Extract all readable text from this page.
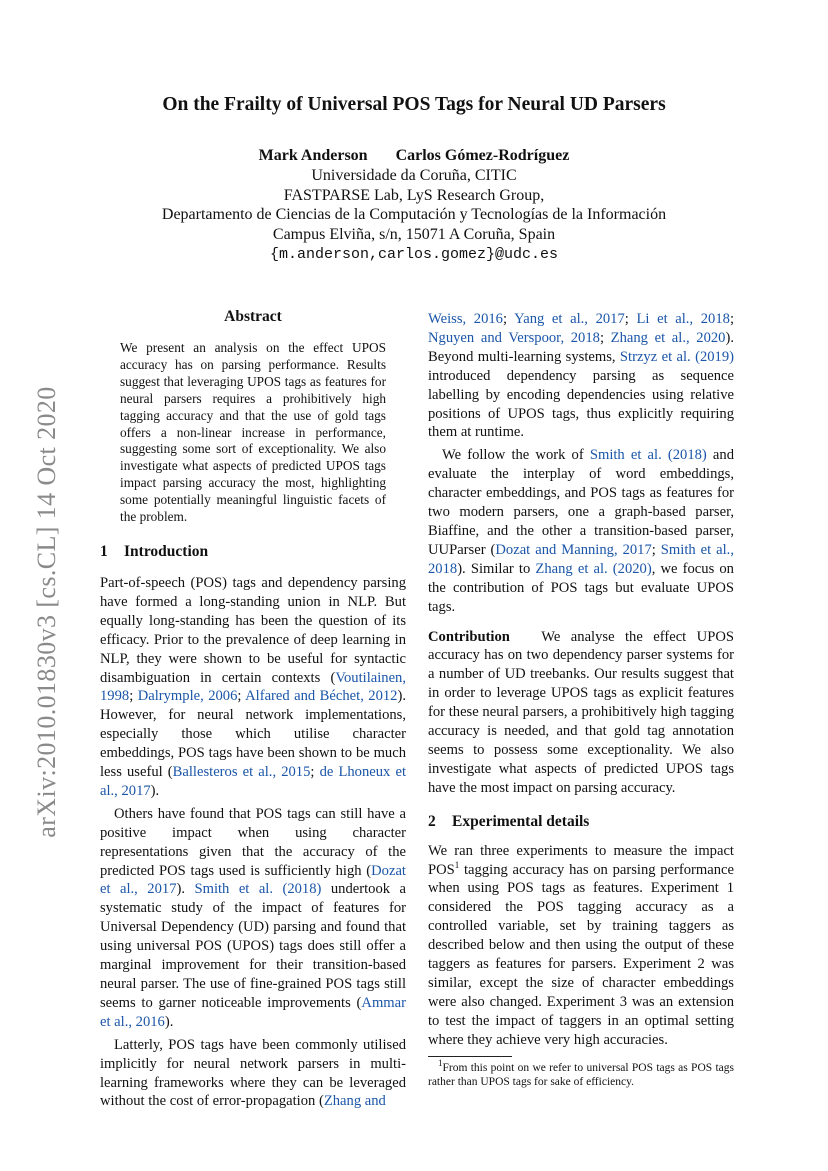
arXiv:2010.01830v3 [cs.CL] 14 Oct 2020
On the Frailty of Universal POS Tags for Neural UD Parsers
Mark Anderson Carlos Gómez-Rodríguez
Universidade da Coruña, CITIC
FASTPARSE Lab, LyS Research Group,
Departamento de Ciencias de la Computación y Tecnologías de la Información
Campus Elviña, s/n, 15071 A Coruña, Spain
{m.anderson,carlos.gomez}@udc.es
Abstract
We present an analysis on the effect UPOS accuracy has on parsing performance. Results suggest that leveraging UPOS tags as features for neural parsers requires a prohibitively high tagging accuracy and that the use of gold tags offers a non-linear increase in performance, suggesting some sort of exceptionality. We also investigate what aspects of predicted UPOS tags impact parsing accuracy the most, highlighting some potentially meaningful linguistic facets of the problem.
1 Introduction

Part-of-speech (POS) tags and dependency parsing have formed a long-standing union in NLP. But equally long-standing has been the question of its efficacy. Prior to the prevalence of deep learning in NLP, they were shown to be useful for syntactic disambiguation in certain contexts (Voutilainen, 1998; Dalrymple, 2006; Alfared and Béchet, 2012). However, for neural network implementations, especially those which utilise character embeddings, POS tags have been shown to be much less useful (Ballesteros et al., 2015; de Lhoneux et al., 2017).

Others have found that POS tags can still have a positive impact when using character representations given that the accuracy of the predicted POS tags used is sufficiently high (Dozat et al., 2017). Smith et al. (2018) undertook a systematic study of the impact of features for Universal Dependency (UD) parsing and found that using universal POS (UPOS) tags does still offer a marginal improvement for their transition-based neural parser. The use of fine-grained POS tags still seems to garner noticeable improvements (Ammar et al., 2016).

Latterly, POS tags have been commonly utilised implicitly for neural network parsers in multi-learning frameworks where they can be leveraged without the cost of error-propagation (Zhang and

Weiss, 2016; Yang et al., 2017; Li et al., 2018; Nguyen and Verspoor, 2018; Zhang et al., 2020). Beyond multi-learning systems, Strzyz et al. (2019) introduced dependency parsing as sequence labelling by encoding dependencies using relative positions of UPOS tags, thus explicitly requiring them at runtime.

We follow the work of Smith et al. (2018) and evaluate the interplay of word embeddings, character embeddings, and POS tags as features for two modern parsers, one a graph-based parser, Biaffine, and the other a transition-based parser, UUParser (Dozat and Manning, 2017; Smith et al., 2018). Similar to Zhang et al. (2020), we focus on the contribution of POS tags but evaluate UPOS tags.

Contribution We analyse the effect UPOS accuracy has on two dependency parser systems for a number of UD treebanks. Our results suggest that in order to leverage UPOS tags as explicit features for these neural parsers, a prohibitively high tagging accuracy is needed, and that gold tag annotation seems to possess some exceptionality. We also investigate what aspects of predicted UPOS tags have the most impact on parsing accuracy.

2 Experimental details

We ran three experiments to measure the impact POS$^1$ tagging accuracy has on parsing performance when using POS tags as features. Experiment 1 considered the POS tagging accuracy as a controlled variable, set by training taggers as described below and then using the output of these taggers as features for parsers. Experiment 2 was similar, except the size of character embeddings were also changed. Experiment 3 was an extension to test the impact of taggers in an optimal setting where they achieve very high accuracies.

$^1$From this point on we refer to universal POS tags as POS tags rather than UPOS tags for sake of efficiency.
